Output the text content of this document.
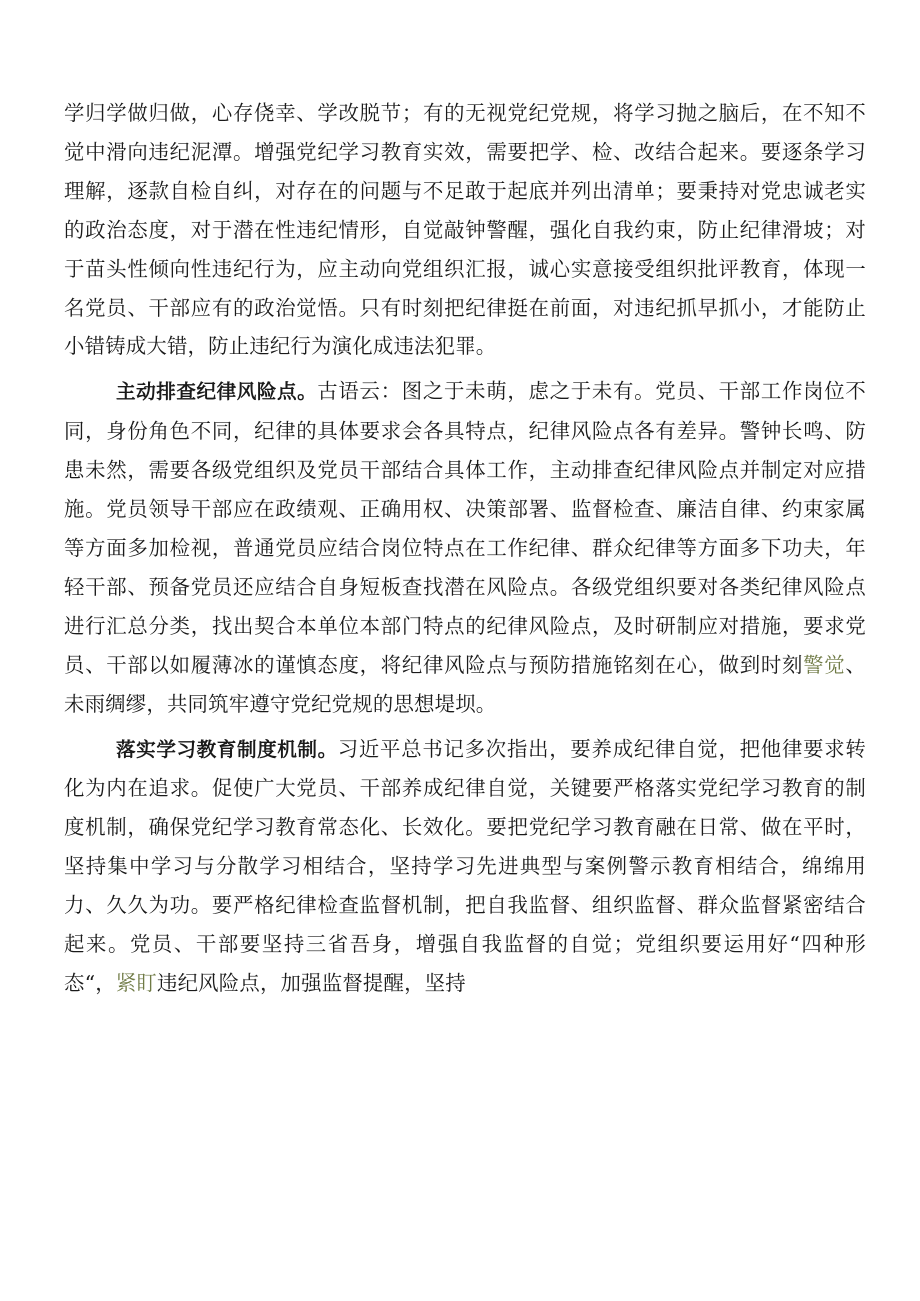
学归学做归做，心存侥幸、学改脱节；有的无视党纪党规，将学习抛之脑后，在不知不觉中滑向违纪泥潭。增强党纪学习教育实效，需要把学、检、改结合起来。要逐条学习理解，逐款自检自纠，对存在的问题与不足敢于起底并列出清单；要秉持对党忠诚老实的政治态度，对于潜在性违纪情形，自觉敲钟警醒，强化自我约束，防止纪律滑坡；对于苗头性倾向性违纪行为，应主动向党组织汇报，诚心实意接受组织批评教育，体现一名党员、干部应有的政治觉悟。只有时刻把纪律挺在前面，对违纪抓早抓小，才能防止小错铸成大错，防止违纪行为演化成违法犯罪。

主动排查纪律风险点。古语云：图之于未萌，虑之于未有。党员、干部工作岗位不同，身份角色不同，纪律的具体要求会各具特点，纪律风险点各有差异。警钟长鸣、防患未然，需要各级党组织及党员干部结合具体工作，主动排查纪律风险点并制定对应措施。党员领导干部应在政绩观、正确用权、决策部署、监督检查、廉洁自律、约束家属等方面多加检视，普通党员应结合岗位特点在工作纪律、群众纪律等方面多下功夫，年轻干部、预备党员还应结合自身短板查找潜在风险点。各级党组织要对各类纪律风险点进行汇总分类，找出契合本单位本部门特点的纪律风险点，及时研制应对措施，要求党员、干部以如履薄冰的谨慎态度，将纪律风险点与预防措施铭刻在心，做到时刻警觉、未雨绸缪，共同筑牢遵守党纪党规的思想堤坝。

落实学习教育制度机制。习近平总书记多次指出，要养成纪律自觉，把他律要求转化为内在追求。促使广大党员、干部养成纪律自觉，关键要严格落实党纪学习教育的制度机制，确保党纪学习教育常态化、长效化。要把党纪学习教育融在日常、做在平时，坚持集中学习与分散学习相结合，坚持学习先进典型与案例警示教育相结合，绵绵用力、久久为功。要严格纪律检查监督机制，把自我监督、组织监督、群众监督紧密结合起来。党员、干部要坚持三省吾身，增强自我监督的自觉；党组织要运用好“四种形态“，紧盯违纪风险点，加强监督提醒，坚持
